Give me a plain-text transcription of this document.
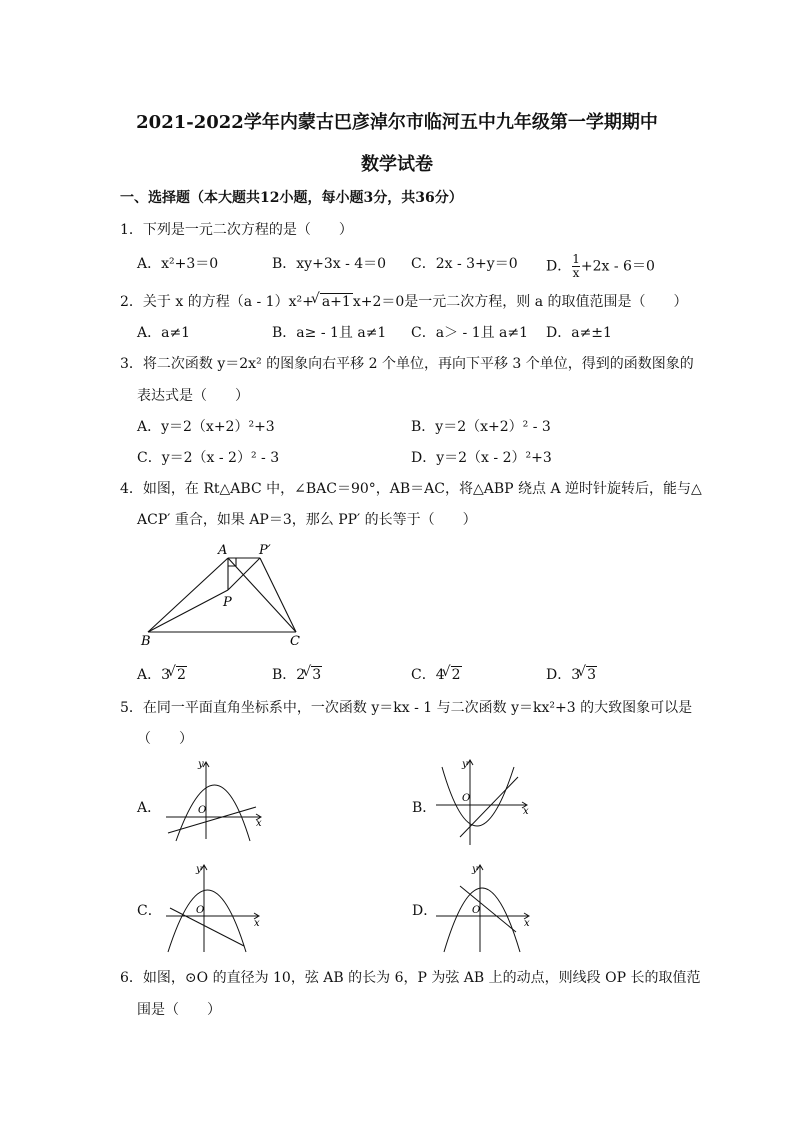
2021-2022学年内蒙古巴彦淖尔市临河五中九年级第一学期期中
数学试卷
一、选择题（本大题共12小题，每小题3分，共36分）
1．下列是一元二次方程的是（　　）
A．x²+3＝0	B．xy+3x - 4＝0 C．2x - 3+y＝0 D． $\frac{1}{x} +2x - 6=0$
2．关于 x 的方程（a - 1）x²+
√ a+1 x+2＝0是一元二次方程，则 a 的取值范围是（　　）
A．a≠1	B．a≥ - 1且 a≠1 C．a＞ - 1且 a≠1 D．a≠±1
3．将二次函数 y＝2x² 的图象向右平移 2 个单位，再向下平移 3 个单位，得到的函数图象的
表达式是（　　）
A．y＝2（x+2）²+3	B．y＝2（x+2）² - 3
C．y＝2（x - 2）² - 3	D．y＝2（x - 2）²+3
4．如图，在 Rt△ABC 中，∠BAC＝90°，AB＝AC，将△ABP 绕点 A 逆时针旋转后，能与△
ACP′ 重合，如果 AP＝3，那么 PP′ 的长等于（　　）
A P′
P
B	C
A．3
√ 2	B．2
√ 3	C．4
√ 2	D．3
√ 3
5．在同一平面直角坐标系中，一次函数 y＝kx - 1 与二次函数 y＝kx²+3 的大致图象可以是
（　　）
A．
y
x
O	B．
y
x
O
C．
y
x
O	D．
y
x
O
6．如图，⊙O 的直径为 10，弦 AB 的长为 6，P 为弦 AB 上的动点，则线段 OP 长的取值范
围是（　　）
